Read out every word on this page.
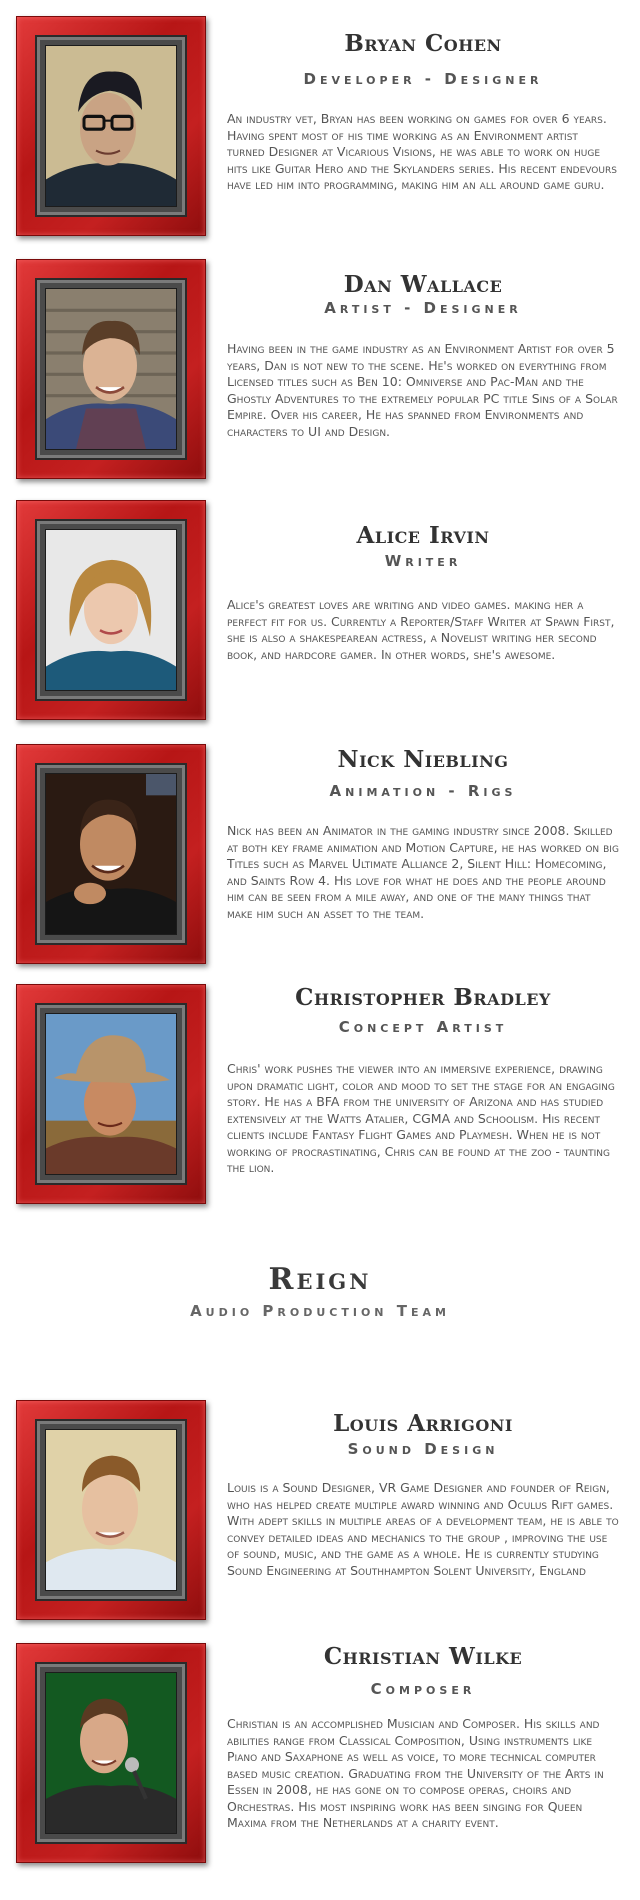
Bryan Cohen
Developer - Designer

An industry vet, Bryan has been working on games for over 6 years. Having spent most of his time working as an Environment artist turned Designer at Vicarious Visions, he was able to work on huge hits like Guitar Hero and the Skylanders series. His recent endevours have led him into programming, making him an all around game guru.

Dan Wallace
Artist - Designer

Having been in the game industry as an Environment Artist for over 5 years, Dan is not new to the scene. He's worked on everything from Licensed titles such as Ben 10: Omniverse and Pac-Man and the Ghostly Adventures to the extremely popular PC title Sins of a Solar Empire. Over his career, He has spanned from Environments and characters to UI and Design.

Alice Irvin
Writer

Alice's greatest loves are writing and video games. making her a perfect fit for us. Currently a Reporter/Staff Writer at Spawn First, she is also a shakespearean actress, a Novelist writing her second book, and hardcore gamer. In other words, she's awesome.

Nick Niebling
Animation - Rigs

Nick has been an Animator in the gaming industry since 2008. Skilled at both key frame animation and Motion Capture, he has worked on big Titles such as Marvel Ultimate Alliance 2, Silent Hill: Homecoming, and Saints Row 4. His love for what he does and the people around him can be seen from a mile away, and one of the many things that make him such an asset to the team.

Christopher Bradley
Concept Artist

Chris' work pushes the viewer into an immersive experience, drawing upon dramatic light, color and mood to set the stage for an engaging story. He has a BFA from the university of Arizona and has studied extensively at the Watts Atalier, CGMA and Schoolism. His recent clients include Fantasy Flight Games and Playmesh. When he is not working of procrastinating, Chris can be found at the zoo - taunting the lion.

Reign
Audio Production Team
Louis Arrigoni
Sound Design

Louis is a Sound Designer, VR Game Designer and founder of Reign, who has helped create multiple award winning and Oculus Rift games. With adept skills in multiple areas of a development team, he is able to convey detailed ideas and mechanics to the group , improving the use of sound, music, and the game as a whole. He is currently studying Sound Engineering at Southhampton Solent University, England

Christian Wilke
Composer

Christian is an accomplished Musician and Composer. His skills and abilities range from Classical Composition, Using instruments like Piano and Saxaphone as well as voice, to more technical computer based music creation. Graduating from the University of the Arts in Essen in 2008, he has gone on to compose operas, choirs and Orchestras. His most inspiring work has been singing for Queen Maxima from the Netherlands at a charity event.
